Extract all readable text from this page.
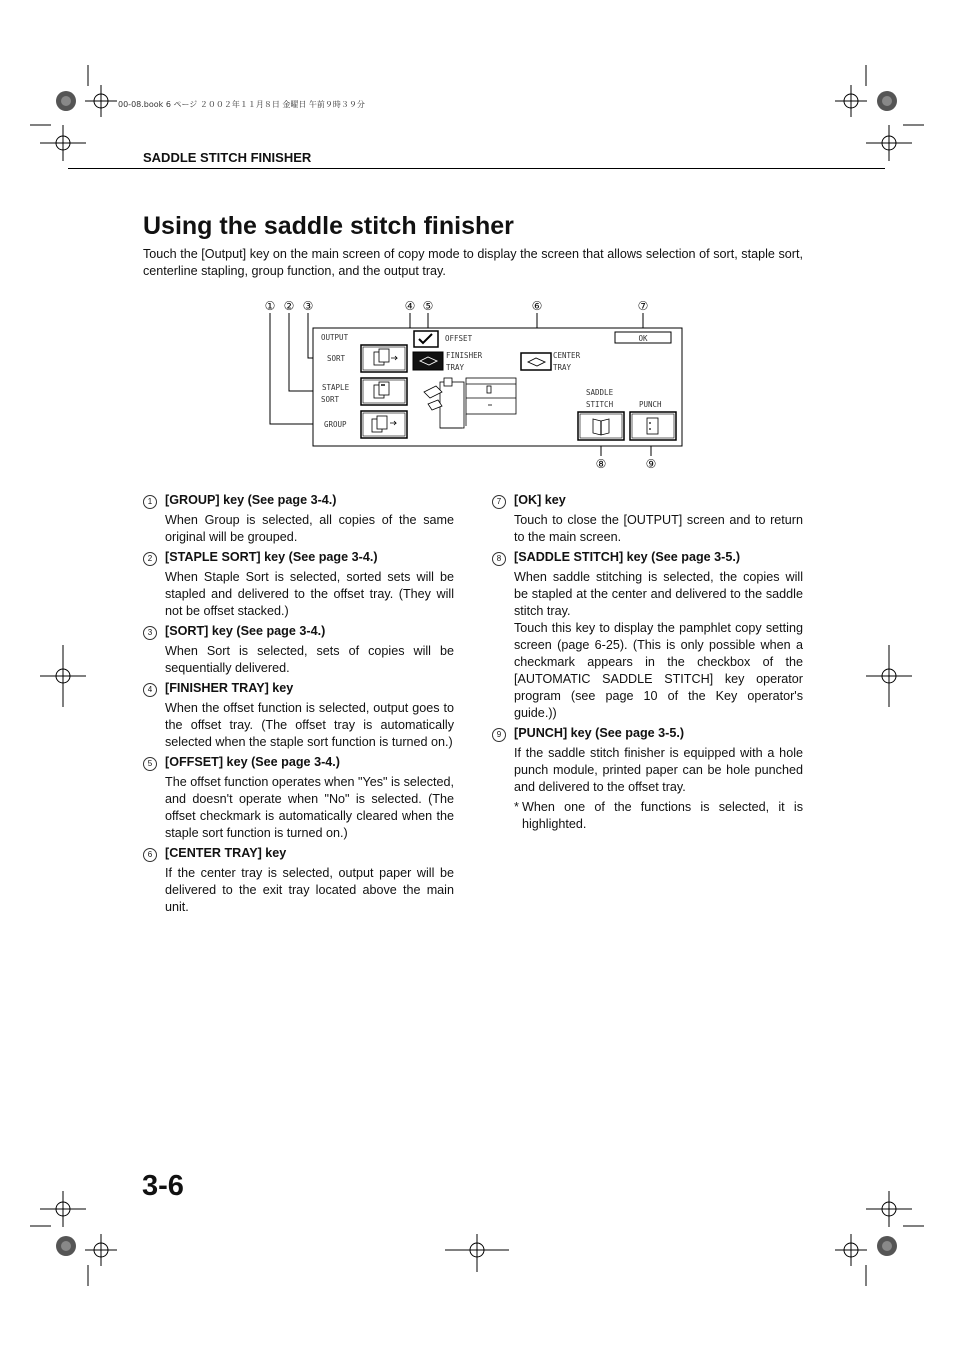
00-08.book 6 ページ ２００２年１１月８日 金曜日 午前９時３９分
SADDLE STITCH FINISHER
Using the saddle stitch finisher
Touch the [Output] key on the main screen of copy mode to display the screen that allows selection of sort, staple sort, centerline stapling, group function, and the output tray.
① ② ③	④ ⑤	⑥	⑦
⑧	⑨
OUTPUT
SORT
STAPLE
SORT
GROUP
OFFSET
FINISHER
TRAY
CENTER
TRAY
OK
SADDLE
STITCH	PUNCH
1	[GROUP] key (See page 3-4.)

When Group is selected, all copies of the same original will be grouped.

2	[STAPLE SORT] key (See page 3-4.)

When Staple Sort is selected, sorted sets will be stapled and delivered to the offset tray. (They will not be offset stacked.)

3	[SORT] key (See page 3-4.)

When Sort is selected, sets of copies will be sequentially delivered.

4	[FINISHER TRAY] key

When the offset function is selected, output goes to the offset tray. (The offset tray is automatically selected when the staple sort function is turned on.)

5	[OFFSET] key (See page 3-4.)

The offset function operates when "Yes" is selected, and doesn't operate when "No" is selected. (The offset checkmark is automatically cleared when the staple sort function is turned on.)

6	[CENTER TRAY] key

If the center tray is selected, output paper will be delivered to the exit tray located above the main unit.

7	[OK] key

Touch to close the [OUTPUT] screen and to return to the main screen.

8	[SADDLE STITCH] key (See page 3-5.)

When saddle stitching is selected, the copies will be stapled at the center and delivered to the saddle stitch tray.

Touch this key to display the pamphlet copy setting screen (page 6-25). (This is only possible when a checkmark appears in the checkbox of the [AUTOMATIC SADDLE STITCH] key operator program (see page 10 of the Key operator's guide.))

9	[PUNCH] key (See page 3-5.)

If the saddle stitch finisher is equipped with a hole punch module, printed paper can be hole punched and delivered to the offset tray.

* When one of the functions is selected, it is highlighted.
3-6
